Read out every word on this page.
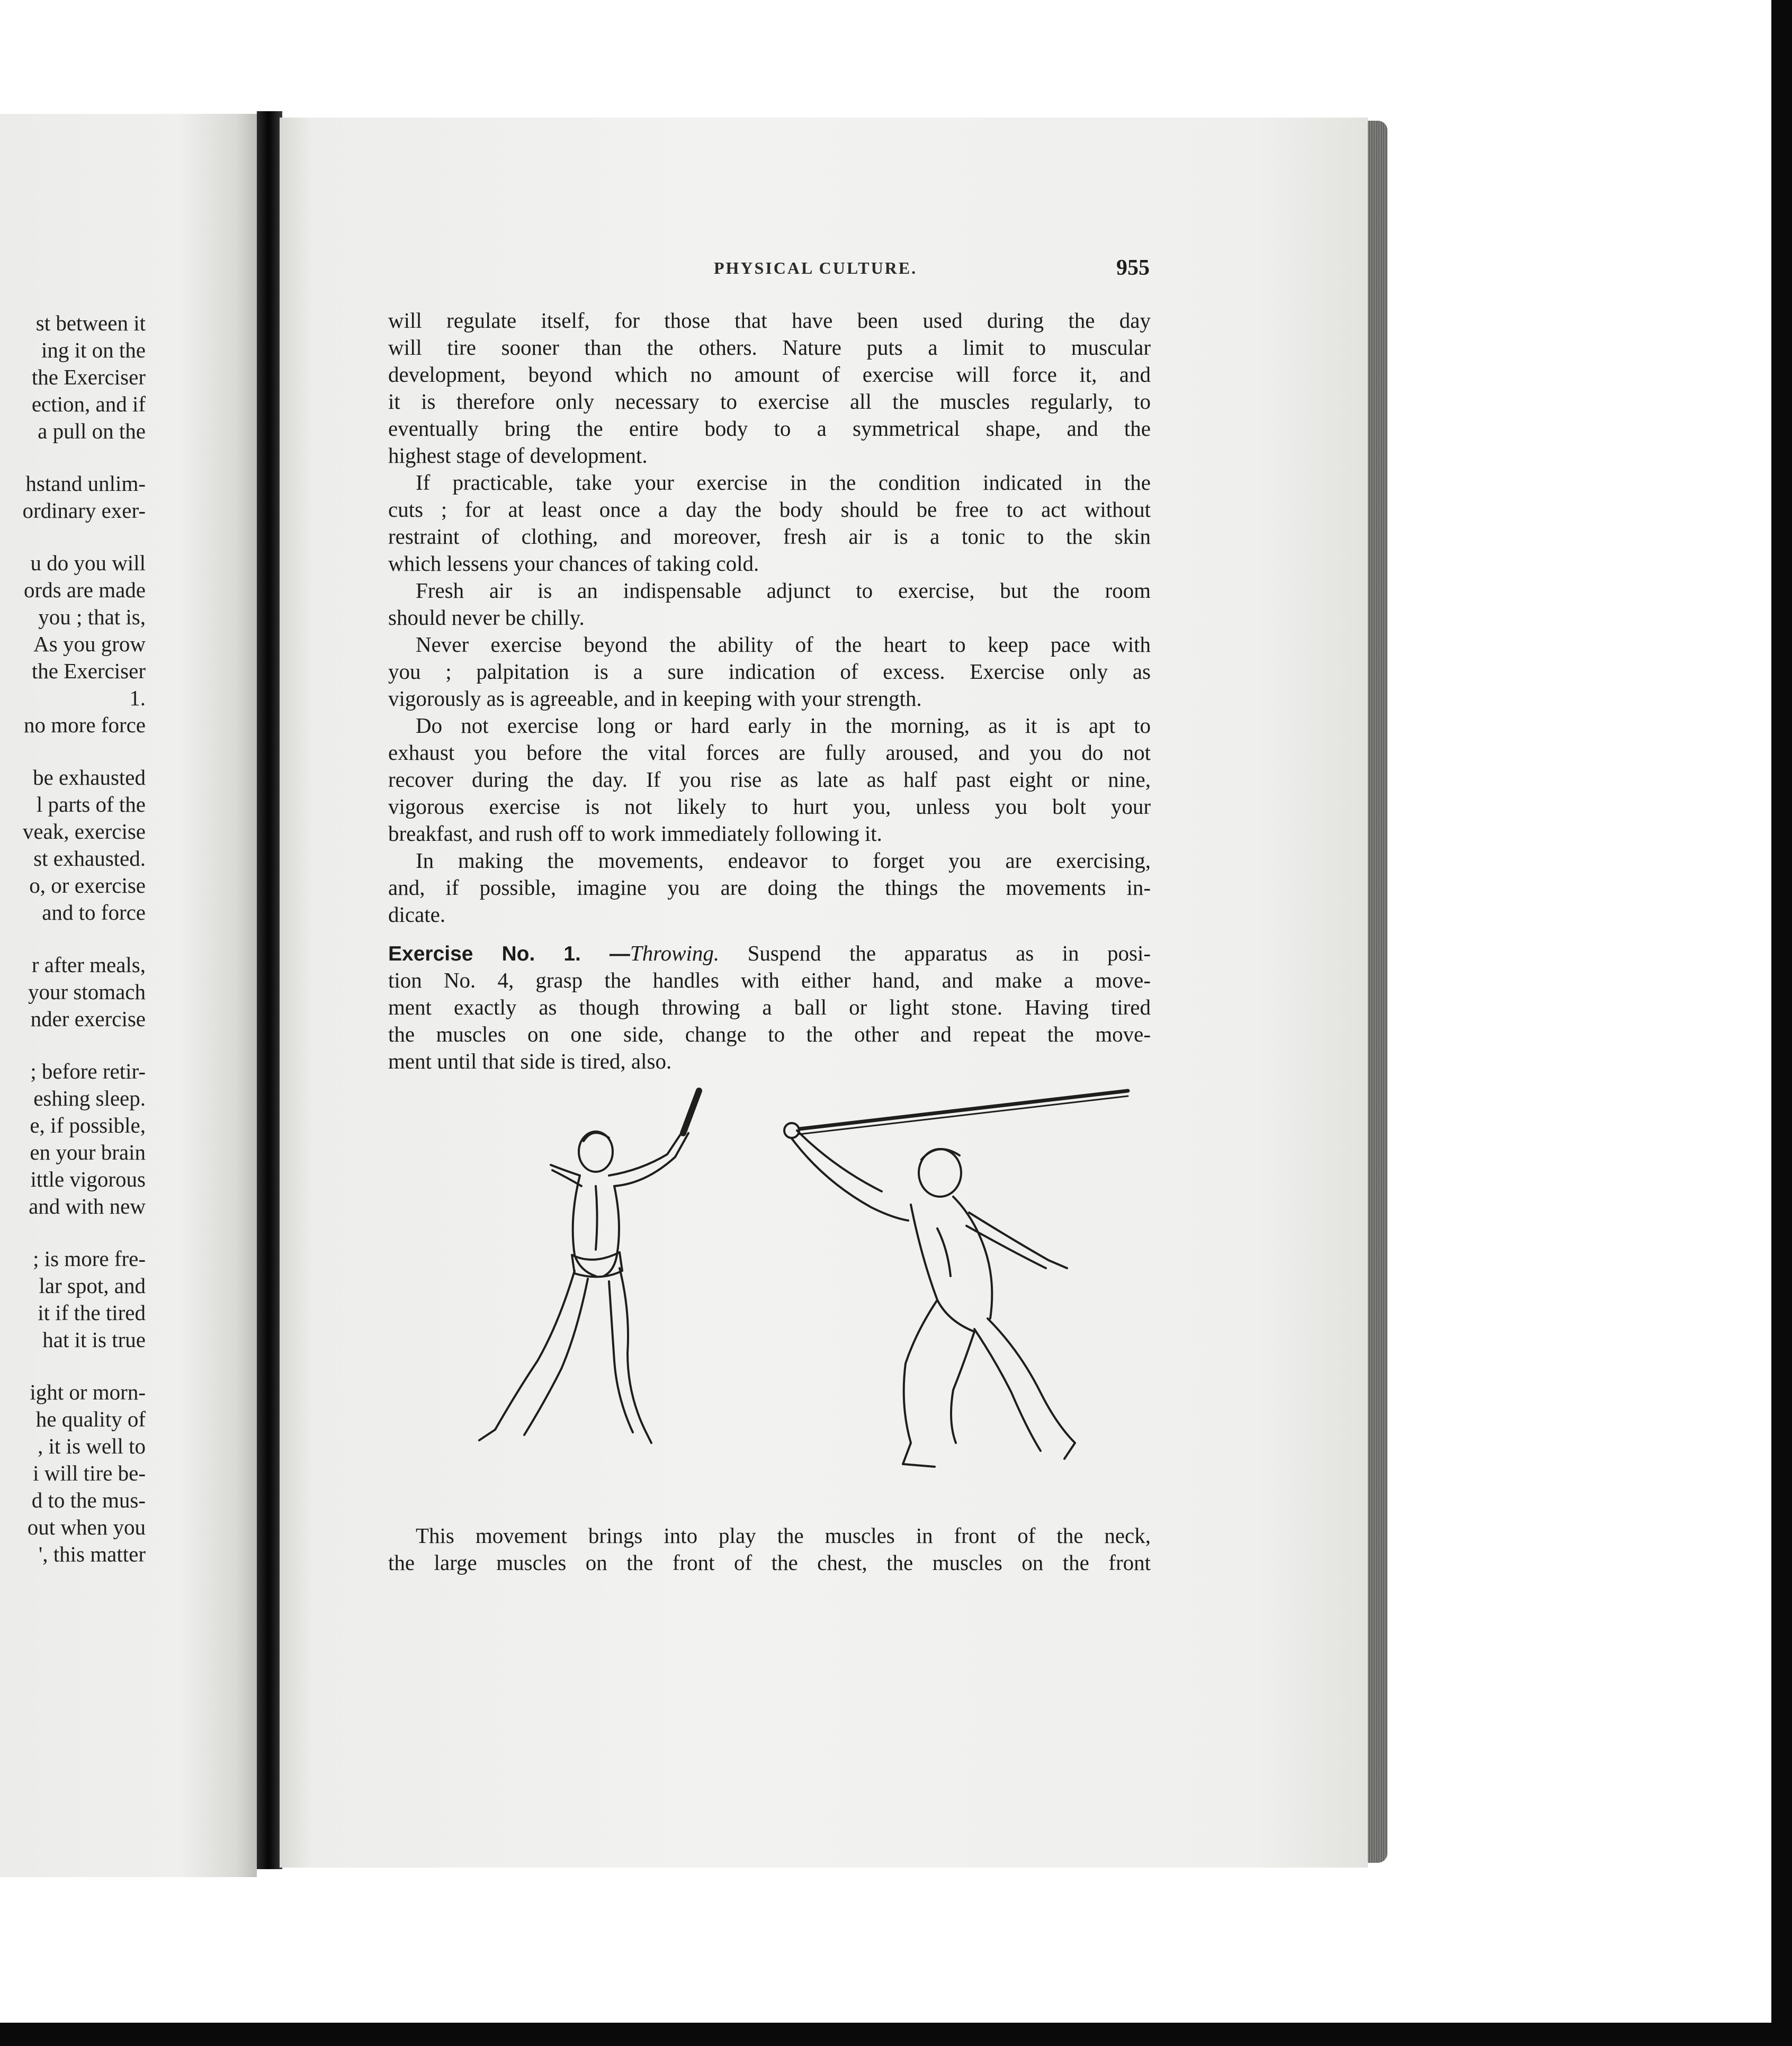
st between it
ing it on the
the Exerciser
ection, and if
a pull on the
hstand unlim-
ordinary exer-
u do you will
ords are made
you ; that is,
As you grow
the Exerciser
1.
no more force
be exhausted
l parts of the
veak, exercise
st exhausted.
o, or exercise
and to force
r after meals,
your stomach
nder exercise
; before retir-
eshing sleep.
e, if possible,
en your brain
ittle vigorous
and with new
; is more fre-
lar spot, and
it if the tired
hat it is true
ight or morn-
he quality of
, it is well to
i will tire be-
d to the mus-
out when you
', this matter
PHYSICAL CULTURE.	955
will regulate itself, for those that have been used during the day
will tire sooner than the others. Nature puts a limit to muscular
development, beyond which no amount of exercise will force it, and
it is therefore only necessary to exercise all the muscles regularly, to
eventually bring the entire body to a symmetrical shape, and the
highest stage of development.
If practicable, take your exercise in the condition indicated in the
cuts ; for at least once a day the body should be free to act without
restraint of clothing, and moreover, fresh air is a tonic to the skin
which lessens your chances of taking cold.
Fresh air is an indispensable adjunct to exercise, but the room
should never be chilly.
Never exercise beyond the ability of the heart to keep pace with
you ; palpitation is a sure indication of excess. Exercise only as
vigorously as is agreeable, and in keeping with your strength.
Do not exercise long or hard early in the morning, as it is apt to
exhaust you before the vital forces are fully aroused, and you do not
recover during the day. If you rise as late as half past eight or nine,
vigorous exercise is not likely to hurt you, unless you bolt your
breakfast, and rush off to work immediately following it.
In making the movements, endeavor to forget you are exercising,
and, if possible, imagine you are doing the things the movements in-
dicate.
Exercise No. 1. —Throwing. Suspend the apparatus as in posi-
tion No. 4, grasp the handles with either hand, and make a move-
ment exactly as though throwing a ball or light stone. Having tired
the muscles on one side, change to the other and repeat the move-
ment until that side is tired, also.
This movement brings into play the muscles in front of the neck,
the large muscles on the front of the chest, the muscles on the front
